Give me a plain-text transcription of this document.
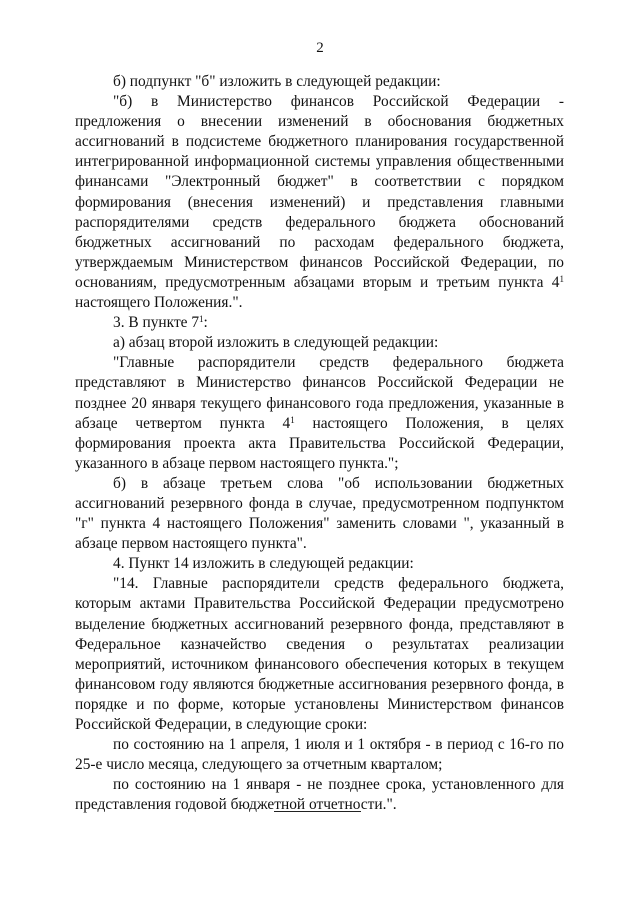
2

б) подпункт "б" изложить в следующей редакции:

"б) в Министерство финансов Российской Федерации - предложения о внесении изменений в обоснования бюджетных ассигнований в подсистеме бюджетного планирования государственной интегрированной информационной системы управления общественными финансами "Электронный бюджет" в соответствии с порядком формирования (внесения изменений) и представления главными распорядителями средств федерального бюджета обоснований бюджетных ассигнований по расходам федерального бюджета, утверждаемым Министерством финансов Российской Федерации, по основаниям, предусмотренным абзацами вторым и третьим пункта $4^1$ настоящего Положения.".

3. В пункте $7^1$:

а) абзац второй изложить в следующей редакции:

"Главные распорядители средств федерального бюджета представляют в Министерство финансов Российской Федерации не позднее 20 января текущего финансового года предложения, указанные в абзаце четвертом пункта $4^1$ настоящего Положения, в целях формирования проекта акта Правительства Российской Федерации, указанного в абзаце первом настоящего пункта.";

б) в абзаце третьем слова "об использовании бюджетных ассигнований резервного фонда в случае, предусмотренном подпунктом "г" пункта 4 настоящего Положения" заменить словами ", указанный в абзаце первом настоящего пункта".

4. Пункт 14 изложить в следующей редакции:

"14. Главные распорядители средств федерального бюджета, которым актами Правительства Российской Федерации предусмотрено выделение бюджетных ассигнований резервного фонда, представляют в Федеральное казначейство сведения о результатах реализации мероприятий, источником финансового обеспечения которых в текущем финансовом году являются бюджетные ассигнования резервного фонда, в порядке и по форме, которые установлены Министерством финансов Российской Федерации, в следующие сроки:

по состоянию на 1 апреля, 1 июля и 1 октября - в период с 16-го по 25-е число месяца, следующего за отчетным кварталом;

по состоянию на 1 января - не позднее срока, установленного для представления годовой бюджетной отчетности.".
